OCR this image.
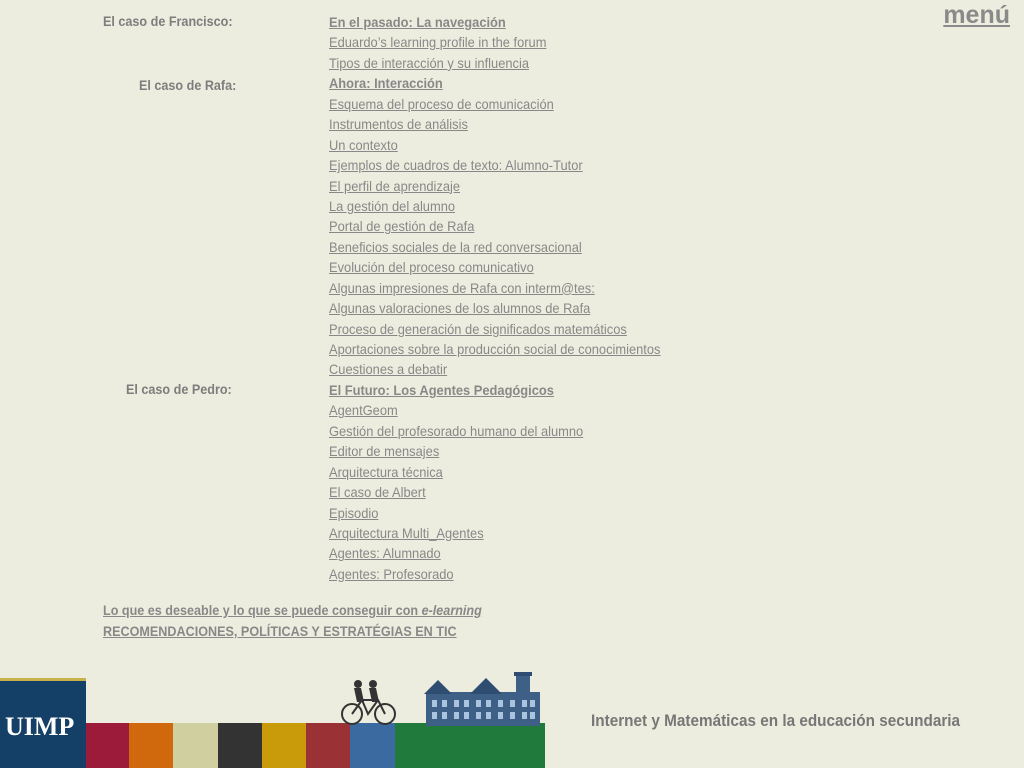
menú
El caso de Francisco:
El caso de Rafa:
El caso de Pedro:
En el pasado: La navegación
Eduardo’s learning profile in the forum
Tipos de interacción y su influencia
Ahora: Interacción
Esquema del proceso de comunicación
Instrumentos de análisis
Un contexto
Ejemplos de cuadros de texto: Alumno-Tutor
El perfil de aprendizaje
La gestión del alumno
Portal de gestión de Rafa
Beneficios sociales de la red conversacional
Evolución del proceso comunicativo
Algunas impresiones de Rafa con interm@tes:
Algunas valoraciones de los alumnos de Rafa
Proceso de generación de significados matemáticos
Aportaciones sobre la producción social de conocimientos
Cuestiones a debatir
El Futuro: Los Agentes Pedagógicos
AgentGeom
Gestión del profesorado humano del alumno
Editor de mensajes
Arquitectura técnica
El caso de Albert
Episodio
Arquitectura Multi_Agentes
Agentes: Alumnado
Agentes: Profesorado
Lo que es deseable y lo que se puede conseguir con e-learning
RECOMENDACIONES, POLÍTICAS Y ESTRATÉGIAS EN TIC
UIMP	Internet y Matemáticas en la educación secundaria
